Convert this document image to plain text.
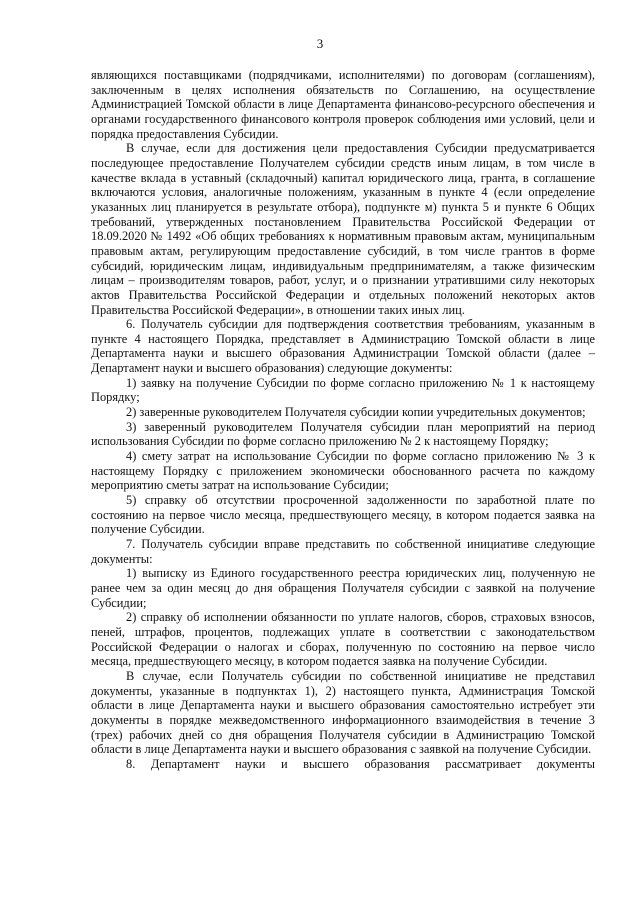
3

являющихся поставщиками (подрядчиками, исполнителями) по договорам (соглашениям), заключенным в целях исполнения обязательств по Соглашению, на осуществление Администрацией Томской области в лице Департамента финансово-ресурсного обеспечения и органами государственного финансового контроля проверок соблюдения ими условий, цели и порядка предоставления Субсидии.

В случае, если для достижения цели предоставления Субсидии предусматривается последующее предоставление Получателем субсидии средств иным лицам, в том числе в качестве вклада в уставный (складочный) капитал юридического лица, гранта, в соглашение включаются условия, аналогичные положениям, указанным в пункте 4 (если определение указанных лиц планируется в результате отбора), подпункте м) пункта 5 и пункте 6 Общих требований, утвержденных постановлением Правительства Российской Федерации от 18.09.2020 № 1492 «Об общих требованиях к нормативным правовым актам, муниципальным правовым актам, регулирующим предоставление субсидий, в том числе грантов в форме субсидий, юридическим лицам, индивидуальным предпринимателям, а также физическим лицам – производителям товаров, работ, услуг, и о признании утратившими силу некоторых актов Правительства Российской Федерации и отдельных положений некоторых актов Правительства Российской Федерации», в отношении таких иных лиц.

6. Получатель субсидии для подтверждения соответствия требованиям, указанным в пункте 4 настоящего Порядка, представляет в Администрацию Томской области в лице Департамента науки и высшего образования Администрации Томской области (далее – Департамент науки и высшего образования) следующие документы:

1) заявку на получение Субсидии по форме согласно приложению № 1 к настоящему Порядку;

2) заверенные руководителем Получателя субсидии копии учредительных документов;

3) заверенный руководителем Получателя субсидии план мероприятий на период использования Субсидии по форме согласно приложению № 2 к настоящему Порядку;

4) смету затрат на использование Субсидии по форме согласно приложению № 3 к настоящему Порядку с приложением экономически обоснованного расчета по каждому мероприятию сметы затрат на использование Субсидии;

5) справку об отсутствии просроченной задолженности по заработной плате по состоянию на первое число месяца, предшествующего месяцу, в котором подается заявка на получение Субсидии.

7. Получатель субсидии вправе представить по собственной инициативе следующие документы:

1) выписку из Единого государственного реестра юридических лиц, полученную не ранее чем за один месяц до дня обращения Получателя субсидии с заявкой на получение Субсидии;

2) справку об исполнении обязанности по уплате налогов, сборов, страховых взносов, пеней, штрафов, процентов, подлежащих уплате в соответствии с законодательством Российской Федерации о налогах и сборах, полученную по состоянию на первое число месяца, предшествующего месяцу, в котором подается заявка на получение Субсидии.

В случае, если Получатель субсидии по собственной инициативе не представил документы, указанные в подпунктах 1), 2) настоящего пункта, Администрация Томской области в лице Департамента науки и высшего образования самостоятельно истребует эти документы в порядке межведомственного информационного взаимодействия в течение 3 (трех) рабочих дней со дня обращения Получателя субсидии в Администрацию Томской области в лице Департамента науки и высшего образования с заявкой на получение Субсидии.

8. Департамент науки и высшего образования рассматривает документы
